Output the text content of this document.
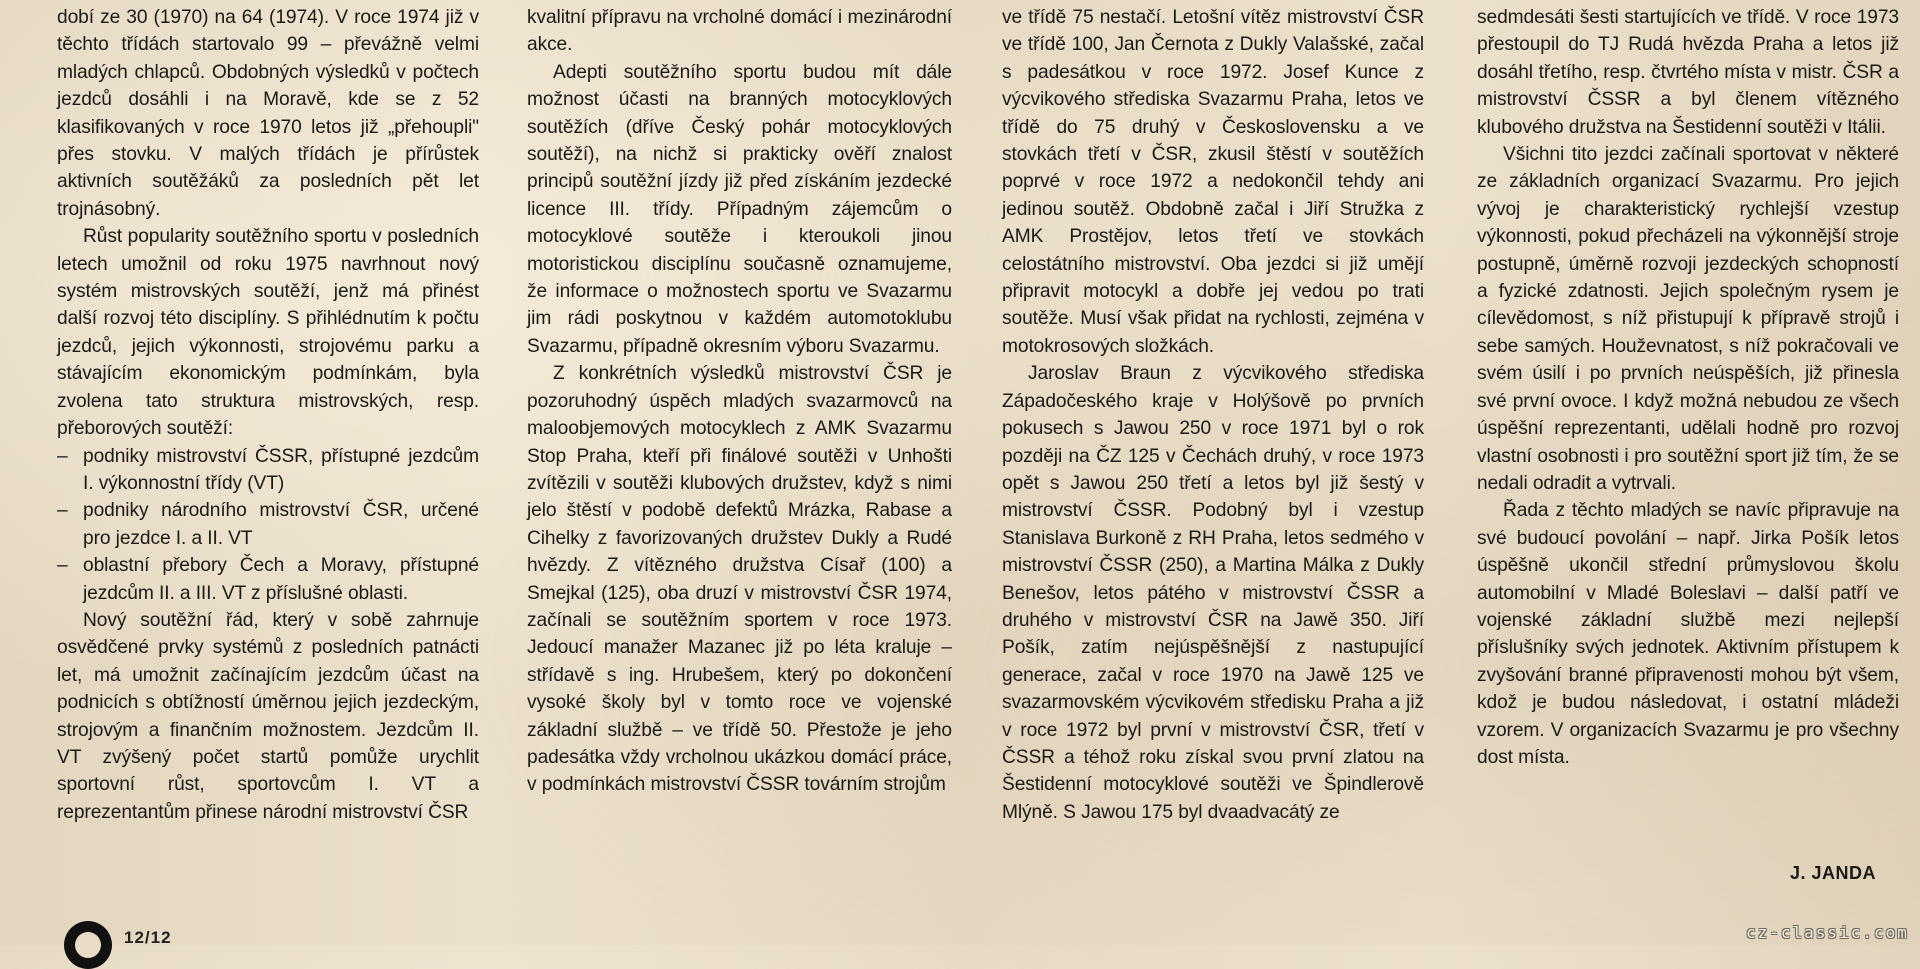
dobí ze 30 (1970) na 64 (1974). V roce 1974 již v těchto třídách startovalo 99 – převážně velmi mladých chlapců. Obdobných výsledků v počtech jezdců dosáhli i na Moravě, kde se z 52 klasifikovaných v roce 1970 letos již „přehoupli" přes stovku. V malých třídách je přírůstek aktivních soutěžáků za posledních pět let trojnásobný.

Růst popularity soutěžního sportu v posledních letech umožnil od roku 1975 navrhnout nový systém mistrovských soutěží, jenž má přinést další rozvoj této disciplíny. S přihlédnutím k počtu jezdců, jejich výkonnosti, strojovému parku a stávajícím ekonomickým podmínkám, byla zvolena tato struktura mistrovských, resp. přeborových soutěží:

– podniky mistrovství ČSSR, přístupné jezdcům I. výkonnostní třídy (VT)
– podniky národního mistrovství ČSR, určené pro jezdce I. a II. VT
– oblastní přebory Čech a Moravy, přístupné jezdcům II. a III. VT z příslušné oblasti.

Nový soutěžní řád, který v sobě zahrnuje osvědčené prvky systémů z posledních patnácti let, má umožnit začínajícím jezdcům účast na podnicích s obtížností úměrnou jejich jezdeckým, strojovým a finančním možnostem. Jezdcům II. VT zvýšený počet startů pomůže urychlit sportovní růst, sportovcům I. VT a reprezentantům přinese národní mistrovství ČSR

kvalitní přípravu na vrcholné domácí i mezinárodní akce.

Adepti soutěžního sportu budou mít dále možnost účasti na branných motocyklových soutěžích (dříve Český pohár motocyklových soutěží), na nichž si prakticky ověří znalost principů soutěžní jízdy již před získáním jezdecké licence III. třídy. Případným zájemcům o motocyklové soutěže i kteroukoli jinou motoristickou disciplínu současně oznamujeme, že informace o možnostech sportu ve Svazarmu jim rádi poskytnou v každém automotoklubu Svazarmu, případně okresním výboru Svazarmu.

Z konkrétních výsledků mistrovství ČSR je pozoruhodný úspěch mladých svazarmovců na maloobjemových motocyklech z AMK Svazarmu Stop Praha, kteří při finálové soutěži v Unhošti zvítězili v soutěži klubových družstev, když s nimi jelo štěstí v podobě defektů Mrázka, Rabase a Cihelky z favorizovaných družstev Dukly a Rudé hvězdy. Z vítězného družstva Císař (100) a Smejkal (125), oba druzí v mistrovství ČSR 1974, začínali se soutěžním sportem v roce 1973. Jedoucí manažer Mazanec již po léta kraluje – střídavě s ing. Hrubešem, který po dokončení vysoké školy byl v tomto roce ve vojenské základní službě – ve třídě 50. Přestože je jeho padesátka vždy vrcholnou ukázkou domácí práce, v podmínkách mistrovství ČSSR továrním strojům

ve třídě 75 nestačí. Letošní vítěz mistrovství ČSR ve třídě 100, Jan Černota z Dukly Valašské, začal s padesátkou v roce 1972. Josef Kunce z výcvikového střediska Svazarmu Praha, letos ve třídě do 75 druhý v Československu a ve stovkách třetí v ČSR, zkusil štěstí v soutěžích poprvé v roce 1972 a nedokončil tehdy ani jedinou soutěž. Obdobně začal i Jiří Stružka z AMK Prostějov, letos třetí ve stovkách celostátního mistrovství. Oba jezdci si již umějí připravit motocykl a dobře jej vedou po trati soutěže. Musí však přidat na rychlosti, zejména v motokrosových složkách.

Jaroslav Braun z výcvikového střediska Západočeského kraje v Holýšově po prvních pokusech s Jawou 250 v roce 1971 byl o rok později na ČZ 125 v Čechách druhý, v roce 1973 opět s Jawou 250 třetí a letos byl již šestý v mistrovství ČSSR. Podobný byl i vzestup Stanislava Burkoně z RH Praha, letos sedmého v mistrovství ČSSR (250), a Martina Málka z Dukly Benešov, letos pátého v mistrovství ČSSR a druhého v mistrovství ČSR na Jawě 350. Jiří Pošík, zatím nejúspěšnější z nastupující generace, začal v roce 1970 na Jawě 125 ve svazarmovském výcvikovém středisku Praha a již v roce 1972 byl první v mistrovství ČSR, třetí v ČSSR a téhož roku získal svou první zlatou na Šestidenní motocyklové soutěži ve Špindlerově Mlýně. S Jawou 175 byl dvaadvacátý ze

sedmdesáti šesti startujících ve třídě. V roce 1973 přestoupil do TJ Rudá hvězda Praha a letos již dosáhl třetího, resp. čtvrtého místa v mistr. ČSR a mistrovství ČSSR a byl členem vítězného klubového družstva na Šestidenní soutěži v Itálii.

Všichni tito jezdci začínali sportovat v některé ze základních organizací Svazarmu. Pro jejich vývoj je charakteristický rychlejší vzestup výkonnosti, pokud přecházeli na výkonnější stroje postupně, úměrně rozvoji jezdeckých schopností a fyzické zdatnosti. Jejich společným rysem je cílevědomost, s níž přistupují k přípravě strojů i sebe samých. Houževnatost, s níž pokračovali ve svém úsilí i po prvních neúspěších, již přinesla své první ovoce. I když možná nebudou ze všech úspěšní reprezentanti, udělali hodně pro rozvoj vlastní osobnosti i pro soutěžní sport již tím, že se nedali odradit a vytrvali.

Řada z těchto mladých se navíc připravuje na své budoucí povolání – např. Jirka Pošík letos úspěšně ukončil střední průmyslovou školu automobilní v Mladé Boleslavi – další patří ve vojenské základní službě mezi nejlepší příslušníky svých jednotek. Aktivním přístupem k zvyšování branné připravenosti mohou být všem, kdož je budou následovat, i ostatní mládeži vzorem. V organizacích Svazarmu je pro všechny dost místa.

J. JANDA
12/12	cz-classic.com
